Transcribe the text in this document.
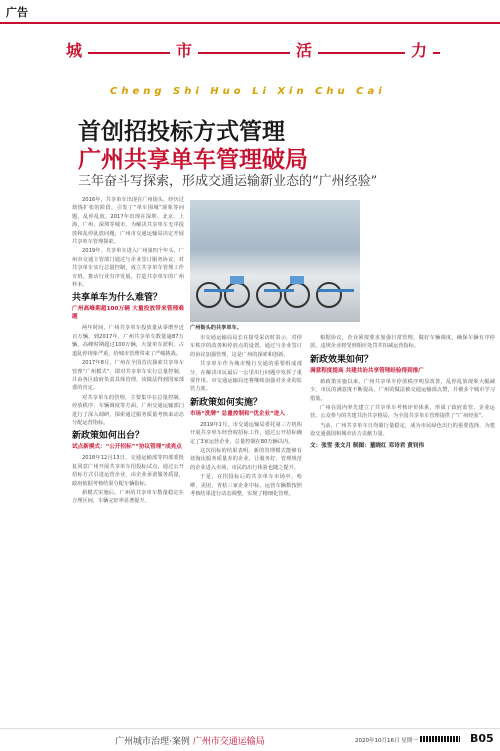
广告
城	市	活	力
Cheng Shi Huo Li Xin Chu Cai
首创招投标方式管理
广州共享单车管理破局
三年奋斗写探索，形成交通运输新业态的“广州经验”

2016年，共享单车出现在广州街头，经历过烧钱扩张的阶段，引发了“单车围城”现象等问题，乱停乱放。2017年出现在深圳、北京、上海、广州、深圳等城市，为解决共享单车无序投放和乱停乱放问题，广州市交通运输局决定开展共享单车管理探索。

2019年，共享单车进入广州第四个年头，广州市交通主管部门通过与企业签订服务协议，对共享单车实行总量控制，成立共享单车管理工作专班，推动行业有序发展，打造共享单车的广州样本。

共享单车为什么难管？
广州高峰期超100万辆 大量投放带来管理难题

两年时间，广州共享单车投放量从零增至近百万辆。到2017年，广州共享单车数量逾87万辆，高峰时期超过100万辆，大量单车淤积，占道乱停现象严重，给城市管理带来了严峻挑战。

2017年8月，广州在全国首次探索共享单车管理“广州模式”，即对共享单车实行总量控制，并由各区政府负责具体管理，该做法得到国家部委的肯定。

对共享单车的管理，主要集中在总量控制、停放秩序、车辆调度等方面。广州交通运输部门进行了深入调研，探索通过服务质量考核来动态分配运营指标。

新政策如何出台？
试点新模式：“公开招标”“协议管理”成亮点

2018年12月13日，交通运输部等四部委批复同意广州开展共享单车招投标试点，通过公开招标方式引进运营企业，由企业承诺服务质量，政府依据考核结果分配车辆指标。

新模式实施后，广州的共享单车数量稳定在合理区间，车辆完好率显著提升。

广州街头的共享单车。

市交通运输局局长在接受采访时表示，对停车秩序的改善和停放点的设置，通过与企业签订的协议加强管理，这是广州的探索和创新。

共享单车作为城市慢行交通的重要组成部分，在解决市民最后一公里出行问题中发挥了重要作用。市交通运输局还将继续加强对企业的监管力度。

新政策如何实施？
市场“洗牌” 总量控制和“优企业”进入

2019年1月，市交通运输局委托第三方机构开展共享单车经营权招标工作，通过公开招标确定了3家运营企业，总量控制在80万辆以内。

这次招标的结果表明，新的管理模式能够有效淘汰服务质量差的企业，让服务好、管理规范的企业进入市场，市民的出行体验也随之提升。

于是，在招投标后的共享单车市场中，哈啰、美团、青桔三家企业中标，运营车辆数按照考核结果进行动态调整，实现了精细化管理。

根据协议，企业须按要求加强日常管理，做好车辆调度，确保车辆有序停放，违规企业将受到相应处罚并扣减运营指标。

新政效果如何？
满意程度提高 共建共治共享管理经验得到推广

新政策实施以来，广州共享单车停放秩序明显改善，乱停乱放现象大幅减少，市民的满意度不断提高，广州的做法被交通运输部点赞，并被多个城市学习借鉴。

广州在国内率先建立了共享单车考核评价体系，形成了政府监管、企业运营、公众参与的共建共治共享格局，为全国共享单车管理提供了“广州经验”。

当前，广州共享单车日均骑行量稳定，成为市民绿色出行的重要选择，为建设交通强国和城市活力贡献力量。

文：张雪 张文月 制图：董晓红 邓诗君 黄钊伟
广州城市治理·案例 广州市交通运输局	2020年10月16日 星期一	B05
